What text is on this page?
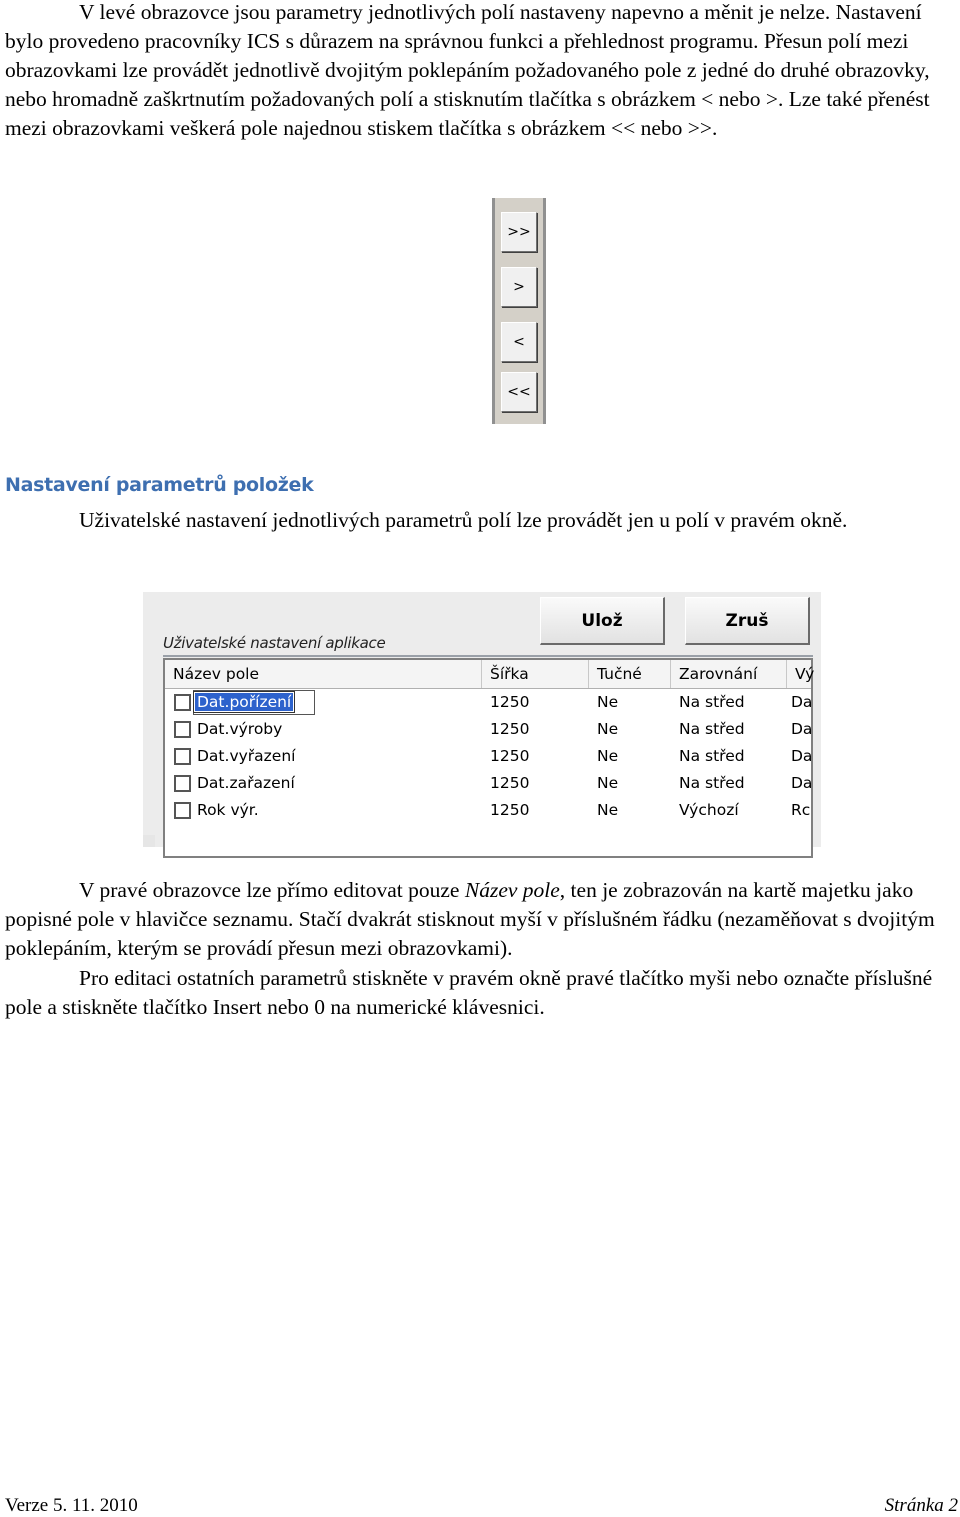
V levé obrazovce jsou parametry jednotlivých polí nastaveny napevno a měnit je nelze. Nastavení bylo provedeno pracovníky ICS s důrazem na správnou funkci a přehlednost programu. Přesun polí mezi obrazovkami lze provádět jednotlivě dvojitým poklepáním požadovaného pole z jedné do druhé obrazovky, nebo hromadně zaškrtnutím požadovaných polí a stisknutím tlačítka s obrázkem < nebo >. Lze také přenést mezi obrazovkami veškerá pole najednou stiskem tlačítka s obrázkem << nebo >>.
>>
>
<
<<
Nastavení parametrů položek
Uživatelské nastavení jednotlivých parametrů polí lze provádět jen u polí v pravém okně.
Ulož	Zruš
Uživatelské nastavení aplikace
Název pole	Šířka	Tučné	Zarovnání	Vý
Dat.pořízení	1250	Ne	Na střed	Da
Dat.výroby	1250	Ne	Na střed	Da
Dat.vyřazení	1250	Ne	Na střed	Da
Dat.zařazení	1250	Ne	Na střed	Da
Rok výr.	1250	Ne	Výchozí	Rc
V pravé obrazovce lze přímo editovat pouze Název pole, ten je zobrazován na kartě majetku jako popisné pole v hlavičce seznamu. Stačí dvakrát stisknout myší v příslušném řádku (nezaměňovat s dvojitým poklepáním, kterým se provádí přesun mezi obrazovkami).
Pro editaci ostatních parametrů stiskněte v pravém okně pravé tlačítko myši nebo označte příslušné pole a stiskněte tlačítko Insert nebo 0 na numerické klávesnici.
Verze 5. 11. 2010	Stránka 2
